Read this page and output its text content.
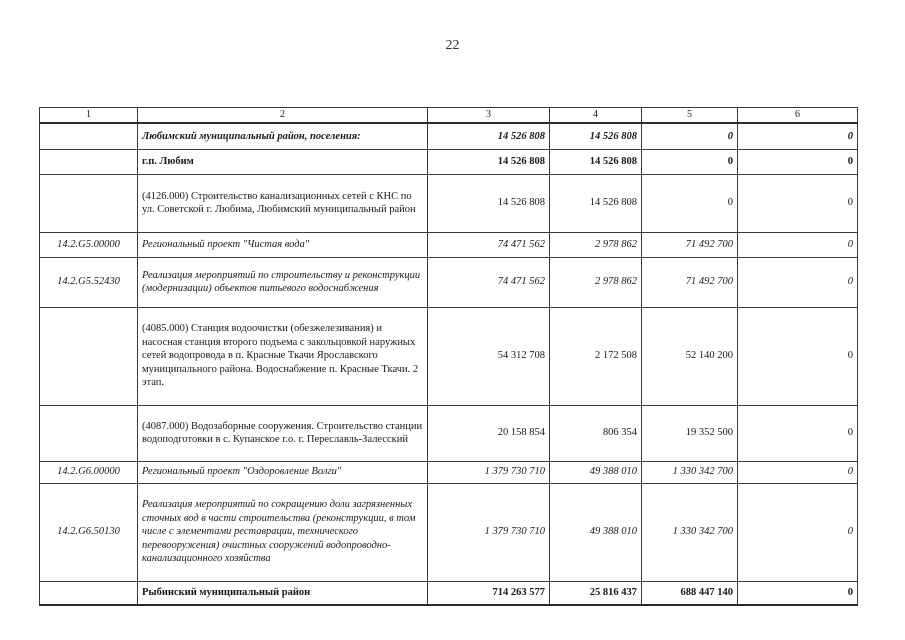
22
1	2	3	4	5	6
	Любимский муниципальный район, поселения:	14 526 808	14 526 808	0	0
	г.п. Любим	14 526 808	14 526 808	0	0
	(4126.000) Строительство канализационных сетей с КНС по ул. Советской г. Любима, Любимский муниципальный район	14 526 808	14 526 808	0	0
14.2.G5.00000	Региональный проект "Чистая вода"	74 471 562	2 978 862	71 492 700	0
14.2.G5.52430	Реализация мероприятий по строительству и реконструкции (модернизации) объектов питьевого водоснабжения	74 471 562	2 978 862	71 492 700	0
	(4085.000) Станция водоочистки (обезжелезивания) и насосная станция второго подъема с закольцовкой наружных сетей водопровода в п. Красные Ткачи Ярославского муниципального района. Водоснабжение п. Красные Ткачи. 2 этап.	54 312 708	2 172 508	52 140 200	0
	(4087.000) Водозаборные сооружения. Строительство станции водоподготовки в с. Купанское г.о. г. Переславль-Залесский	20 158 854	806 354	19 352 500	0
14.2.G6.00000	Региональный проект "Оздоровление Волги"	1 379 730 710	49 388 010	1 330 342 700	0
14.2.G6.50130	Реализация мероприятий по сокращению доли загрязненных сточных вод в части строительства (реконструкции, в том числе с элементами реставрации, технического перевооружения) очистных сооружений водопроводно-канализационного хозяйства	1 379 730 710	49 388 010	1 330 342 700	0
	Рыбинский муниципальный район	714 263 577	25 816 437	688 447 140	0
